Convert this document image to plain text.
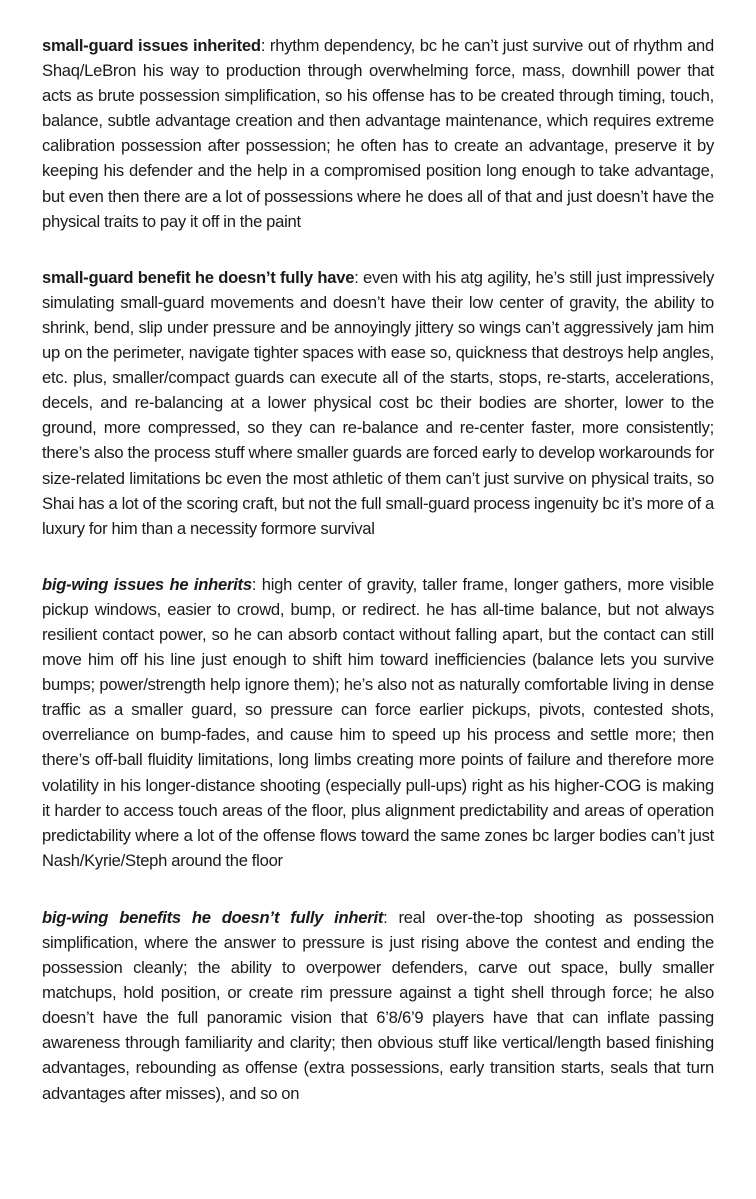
small-guard issues inherited: rhythm dependency, bc he can’t just survive out of rhythm and Shaq/LeBron his way to production through overwhelming force, mass, downhill power that acts as brute possession simplification, so his offense has to be created through timing, touch, balance, subtle advantage creation and then advantage maintenance, which requires extreme calibration possession after possession; he often has to create an advantage, preserve it by keeping his defender and the help in a compromised position long enough to take advantage, but even then there are a lot of possessions where he does all of that and just doesn’t have the physical traits to pay it off in the paint

small-guard benefit he doesn’t fully have: even with his atg agility, he’s still just impressively simulating small-guard movements and doesn’t have their low center of gravity, the ability to shrink, bend, slip under pressure and be annoyingly jittery so wings can’t aggressively jam him up on the perimeter, navigate tighter spaces with ease so, quickness that destroys help angles, etc. plus, smaller/compact guards can execute all of the starts, stops, re-starts, accelerations, decels, and re-balancing at a lower physical cost bc their bodies are shorter, lower to the ground, more compressed, so they can re-balance and re-center faster, more consistently; there’s also the process stuff where smaller guards are forced early to develop workarounds for size-related limitations bc even the most athletic of them can’t just survive on physical traits, so Shai has a lot of the scoring craft, but not the full small-guard process ingenuity bc it’s more of a luxury for him than a necessity formore survival

big-wing issues he inherits: high center of gravity, taller frame, longer gathers, more visible pickup windows, easier to crowd, bump, or redirect. he has all-time balance, but not always resilient contact power, so he can absorb contact without falling apart, but the contact can still move him off his line just enough to shift him toward inefficiencies (balance lets you survive bumps; power/strength help ignore them); he’s also not as naturally comfortable living in dense traffic as a smaller guard, so pressure can force earlier pickups, pivots, contested shots, overreliance on bump-fades, and cause him to speed up his process and settle more; then there’s off-ball fluidity limitations, long limbs creating more points of failure and therefore more volatility in his longer-distance shooting (especially pull-ups) right as his higher-COG is making it harder to access touch areas of the floor, plus alignment predictability and areas of operation predictability where a lot of the offense flows toward the same zones bc larger bodies can’t just Nash/Kyrie/Steph around the floor

big-wing benefits he doesn’t fully inherit: real over-the-top shooting as possession simplification, where the answer to pressure is just rising above the contest and ending the possession cleanly; the ability to overpower defenders, carve out space, bully smaller matchups, hold position, or create rim pressure against a tight shell through force; he also doesn’t have the full panoramic vision that 6’8/6’9 players have that can inflate passing awareness through familiarity and clarity; then obvious stuff like vertical/length based finishing advantages, rebounding as offense (extra possessions, early transition starts, seals that turn advantages after misses), and so on
